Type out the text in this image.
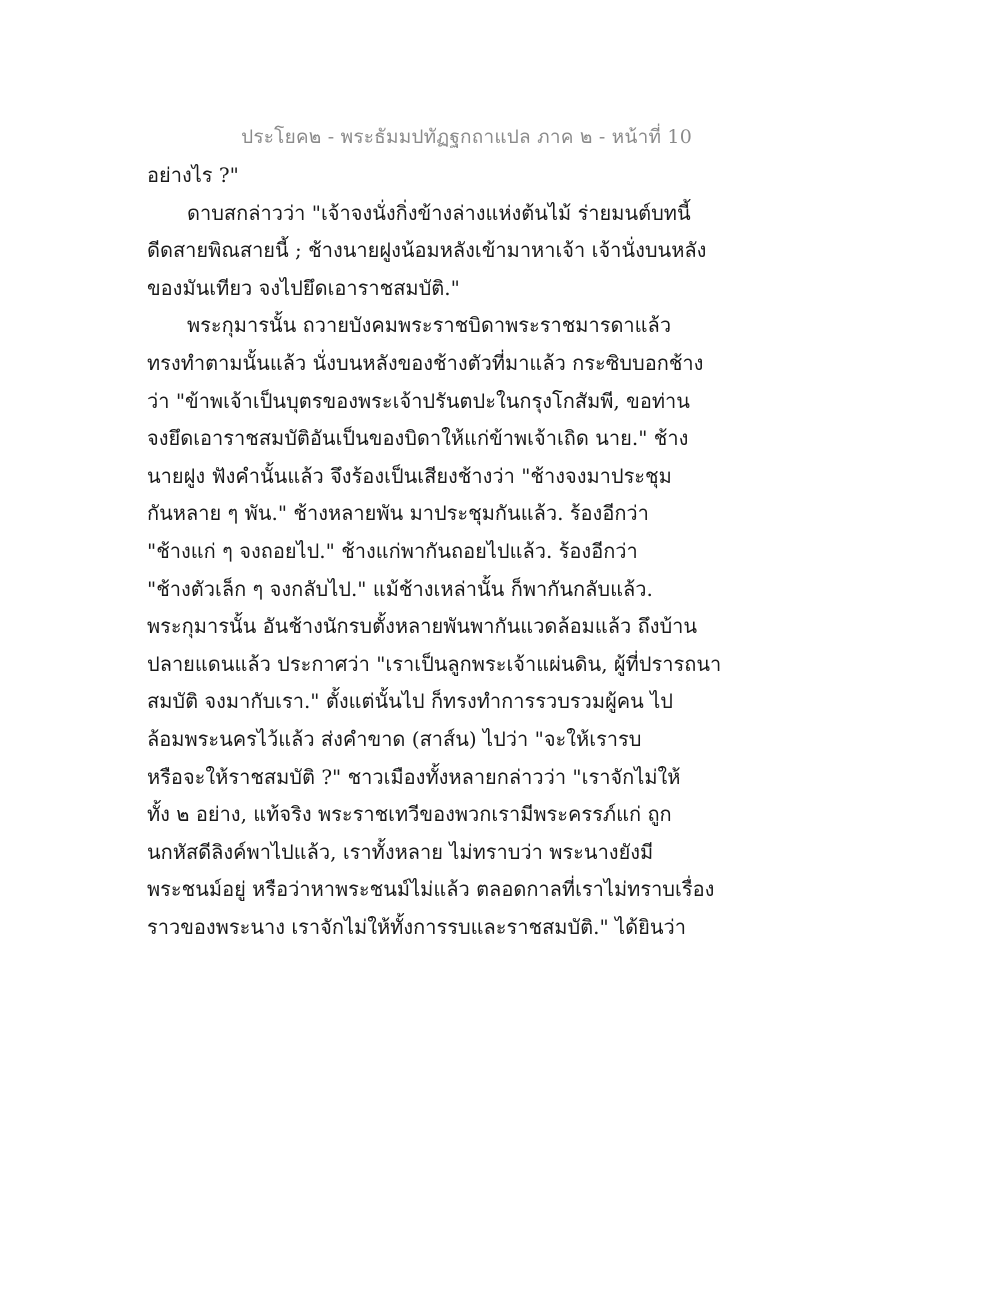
ประโยค๒ - พระธัมมปทัฏฐกถาแปล ภาค ๒ - หน้าที่ 10
อย่างไร ?"
ดาบสกล่าวว่า "เจ้าจงนั่งกิ่งข้างล่างแห่งต้นไม้ ร่ายมนต์บทนี้
ดีดสายพิณสายนี้ ; ช้างนายฝูงน้อมหลังเข้ามาหาเจ้า เจ้านั่งบนหลัง
ของมันเทียว จงไปยึดเอาราชสมบัติ."
พระกุมารนั้น ถวายบังคมพระราชบิดาพระราชมารดาแล้ว
ทรงทำตามนั้นแล้ว นั่งบนหลังของช้างตัวที่มาแล้ว กระซิบบอกช้าง
ว่า "ข้าพเจ้าเป็นบุตรของพระเจ้าปรันตปะในกรุงโกสัมพี, ขอท่าน
จงยึดเอาราชสมบัติอันเป็นของบิดาให้แก่ข้าพเจ้าเถิด นาย." ช้าง
นายฝูง ฟังคำนั้นแล้ว จึงร้องเป็นเสียงช้างว่า "ช้างจงมาประชุม
กันหลาย ๆ พัน." ช้างหลายพัน มาประชุมกันแล้ว. ร้องอีกว่า
"ช้างแก่ ๆ จงถอยไป." ช้างแก่พากันถอยไปแล้ว. ร้องอีกว่า
"ช้างตัวเล็ก ๆ จงกลับไป." แม้ช้างเหล่านั้น ก็พากันกลับแล้ว.
พระกุมารนั้น อันช้างนักรบตั้งหลายพันพากันแวดล้อมแล้ว ถึงบ้าน
ปลายแดนแล้ว ประกาศว่า "เราเป็นลูกพระเจ้าแผ่นดิน, ผู้ที่ปรารถนา
สมบัติ จงมากับเรา." ตั้งแต่นั้นไป ก็ทรงทำการรวบรวมผู้คน ไป
ล้อมพระนครไว้แล้ว ส่งคำขาด (สาส์น) ไปว่า "จะให้เรารบ
หรือจะให้ราชสมบัติ ?" ชาวเมืองทั้งหลายกล่าวว่า "เราจักไม่ให้
ทั้ง ๒ อย่าง, แท้จริง พระราชเทวีของพวกเรามีพระครรภ์แก่ ถูก
นกหัสดีลิงค์พาไปแล้ว, เราทั้งหลาย ไม่ทราบว่า พระนางยังมี
พระชนม์อยู่ หรือว่าหาพระชนม์ไม่แล้ว ตลอดกาลที่เราไม่ทราบเรื่อง
ราวของพระนาง เราจักไม่ให้ทั้งการรบและราชสมบัติ." ได้ยินว่า
